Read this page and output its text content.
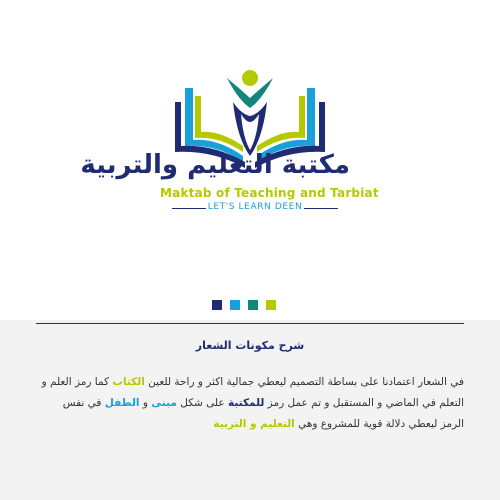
مكتبة التعليم والتربية
Maktab of Teaching and Tarbiat
LET'S LEARN DEEN
شرح مكونات الشعار
في الشعار اعتمادنا على بساطة التصميم ليعطي جمالية اكثر و راحة للعين الكتاب كما رمز العلم و التعلم في الماضي و المستقبل و تم عمل رمز للمكتبة على شكل مبنى و الطفل في نفس الرمز ليعطي دلالة قوية للمشروع وهي التعليم و التربية
